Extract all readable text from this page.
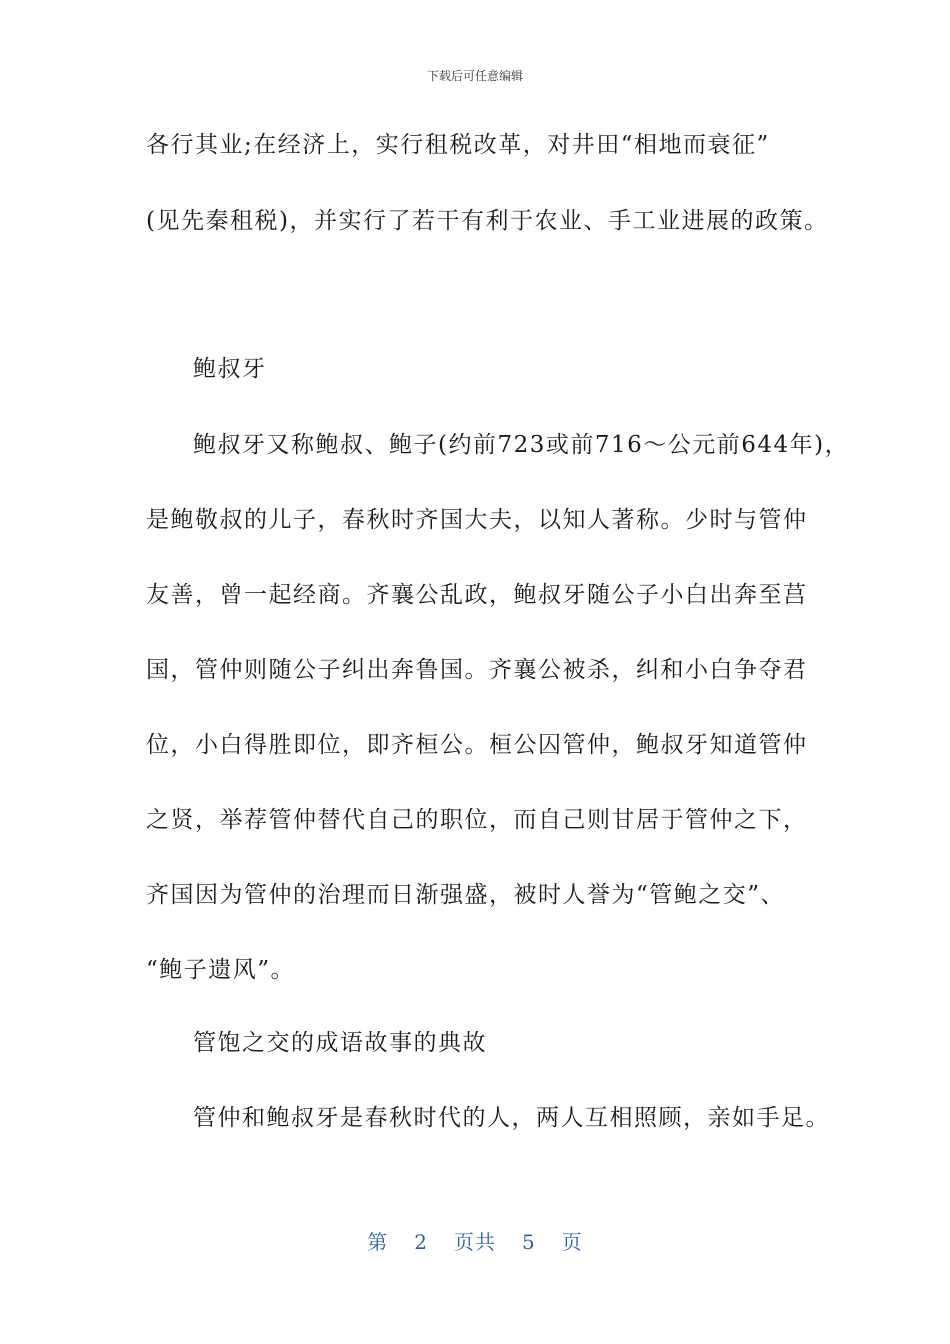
下载后可任意编辑
各行其业;在经济上，实行租税改革，对井田“相地而衰征”
(见先秦租税)，并实行了若干有利于农业、手工业进展的政策。
鲍叔牙
鲍叔牙又称鲍叔、鲍子(约前723或前716～公元前644年)，
是鲍敬叔的儿子，春秋时齐国大夫，以知人著称。少时与管仲
友善，曾一起经商。齐襄公乱政，鲍叔牙随公子小白出奔至莒
国，管仲则随公子纠出奔鲁国。齐襄公被杀，纠和小白争夺君
位，小白得胜即位，即齐桓公。桓公囚管仲，鲍叔牙知道管仲
之贤，举荐管仲替代自己的职位，而自己则甘居于管仲之下，
齐国因为管仲的治理而日渐强盛，被时人誉为“管鲍之交”、
“鲍子遗风”。
管饱之交的成语故事的典故
管仲和鲍叔牙是春秋时代的人，两人互相照顾，亲如手足。
第 2 页共 5 页
